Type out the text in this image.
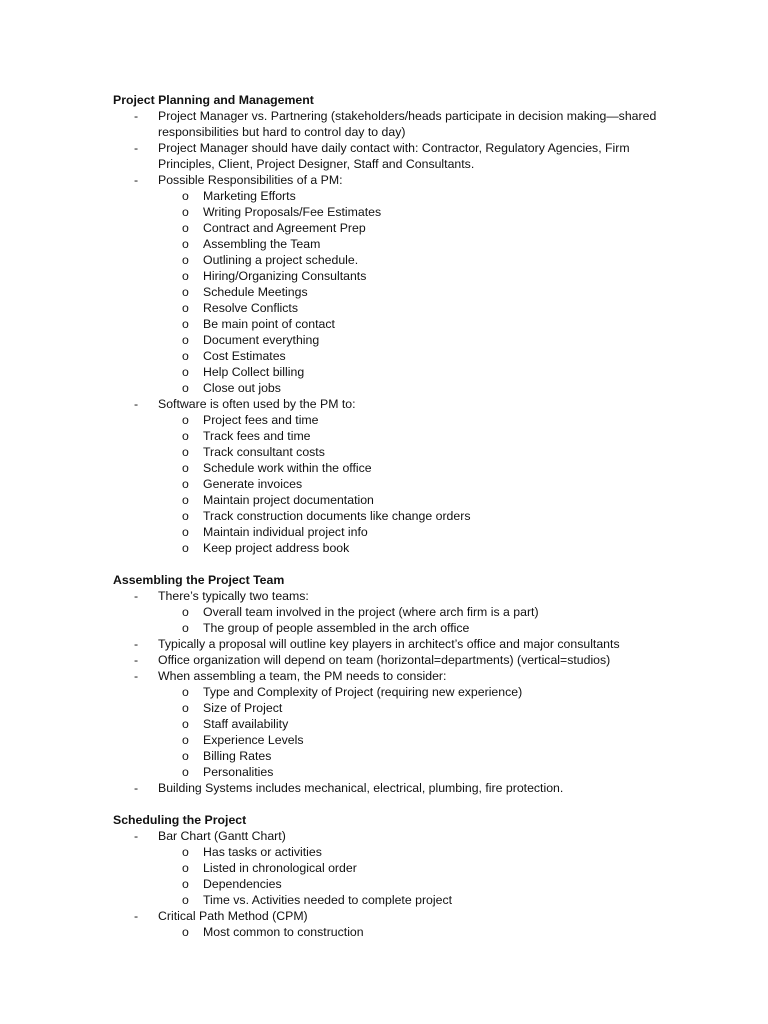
Project Planning and Management
- Project Manager vs. Partnering (stakeholders/heads participate in decision making—shared responsibilities but hard to control day to day)
- Project Manager should have daily contact with: Contractor, Regulatory Agencies, Firm Principles, Client, Project Designer, Staff and Consultants.
- Possible Responsibilities of a PM:
o Marketing Efforts
o Writing Proposals/Fee Estimates
o Contract and Agreement Prep
o Assembling the Team
o Outlining a project schedule.
o Hiring/Organizing Consultants
o Schedule Meetings
o Resolve Conflicts
o Be main point of contact
o Document everything
o Cost Estimates
o Help Collect billing
o Close out jobs
- Software is often used by the PM to:
o Project fees and time
o Track fees and time
o Track consultant costs
o Schedule work within the office
o Generate invoices
o Maintain project documentation
o Track construction documents like change orders
o Maintain individual project info
o Keep project address book
Assembling the Project Team
- There’s typically two teams:
o Overall team involved in the project (where arch firm is a part)
o The group of people assembled in the arch office
- Typically a proposal will outline key players in architect’s office and major consultants
- Office organization will depend on team (horizontal=departments) (vertical=studios)
- When assembling a team, the PM needs to consider:
o Type and Complexity of Project (requiring new experience)
o Size of Project
o Staff availability
o Experience Levels
o Billing Rates
o Personalities
- Building Systems includes mechanical, electrical, plumbing, fire protection.
Scheduling the Project
- Bar Chart (Gantt Chart)
o Has tasks or activities
o Listed in chronological order
o Dependencies
o Time vs. Activities needed to complete project
- Critical Path Method (CPM)
o Most common to construction
